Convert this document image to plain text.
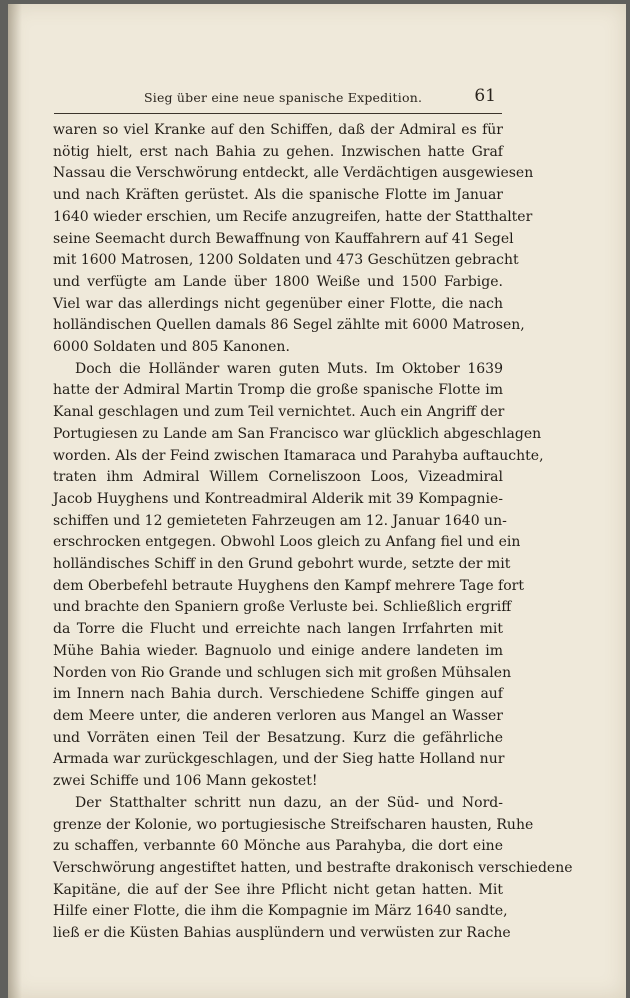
Sieg über eine neue spanische Expedition.	61

waren so viel Kranke auf den Schiffen, daß der Admiral es für
nötig hielt, erst nach Bahia zu gehen. Inzwischen hatte Graf
Nassau die Verschwörung entdeckt, alle Verdächtigen ausgewiesen
und nach Kräften gerüstet. Als die spanische Flotte im Januar
1640 wieder erschien, um Recife anzugreifen, hatte der Statthalter
seine Seemacht durch Bewaffnung von Kauffahrern auf 41 Segel
mit 1600 Matrosen, 1200 Soldaten und 473 Geschützen gebracht
und verfügte am Lande über 1800 Weiße und 1500 Farbige.
Viel war das allerdings nicht gegenüber einer Flotte, die nach
holländischen Quellen damals 86 Segel zählte mit 6000 Matrosen,
6000 Soldaten und 805 Kanonen.

Doch die Holländer waren guten Muts. Im Oktober 1639
hatte der Admiral Martin Tromp die große spanische Flotte im
Kanal geschlagen und zum Teil vernichtet. Auch ein Angriff der
Portugiesen zu Lande am San Francisco war glücklich abgeschlagen
worden. Als der Feind zwischen Itamaraca und Parahyba auftauchte,
traten ihm Admiral Willem Corneliszoon Loos, Vizeadmiral
Jacob Huyghens und Kontreadmiral Alderik mit 39 Kompagnie-
schiffen und 12 gemieteten Fahrzeugen am 12. Januar 1640 un-
erschrocken entgegen. Obwohl Loos gleich zu Anfang fiel und ein
holländisches Schiff in den Grund gebohrt wurde, setzte der mit
dem Oberbefehl betraute Huyghens den Kampf mehrere Tage fort
und brachte den Spaniern große Verluste bei. Schließlich ergriff
da Torre die Flucht und erreichte nach langen Irrfahrten mit
Mühe Bahia wieder. Bagnuolo und einige andere landeten im
Norden von Rio Grande und schlugen sich mit großen Mühsalen
im Innern nach Bahia durch. Verschiedene Schiffe gingen auf
dem Meere unter, die anderen verloren aus Mangel an Wasser
und Vorräten einen Teil der Besatzung. Kurz die gefährliche
Armada war zurückgeschlagen, und der Sieg hatte Holland nur
zwei Schiffe und 106 Mann gekostet!

Der Statthalter schritt nun dazu, an der Süd- und Nord-
grenze der Kolonie, wo portugiesische Streifscharen hausten, Ruhe
zu schaffen, verbannte 60 Mönche aus Parahyba, die dort eine
Verschwörung angestiftet hatten, und bestrafte drakonisch verschiedene
Kapitäne, die auf der See ihre Pflicht nicht getan hatten. Mit
Hilfe einer Flotte, die ihm die Kompagnie im März 1640 sandte,
ließ er die Küsten Bahias ausplündern und verwüsten zur Rache
